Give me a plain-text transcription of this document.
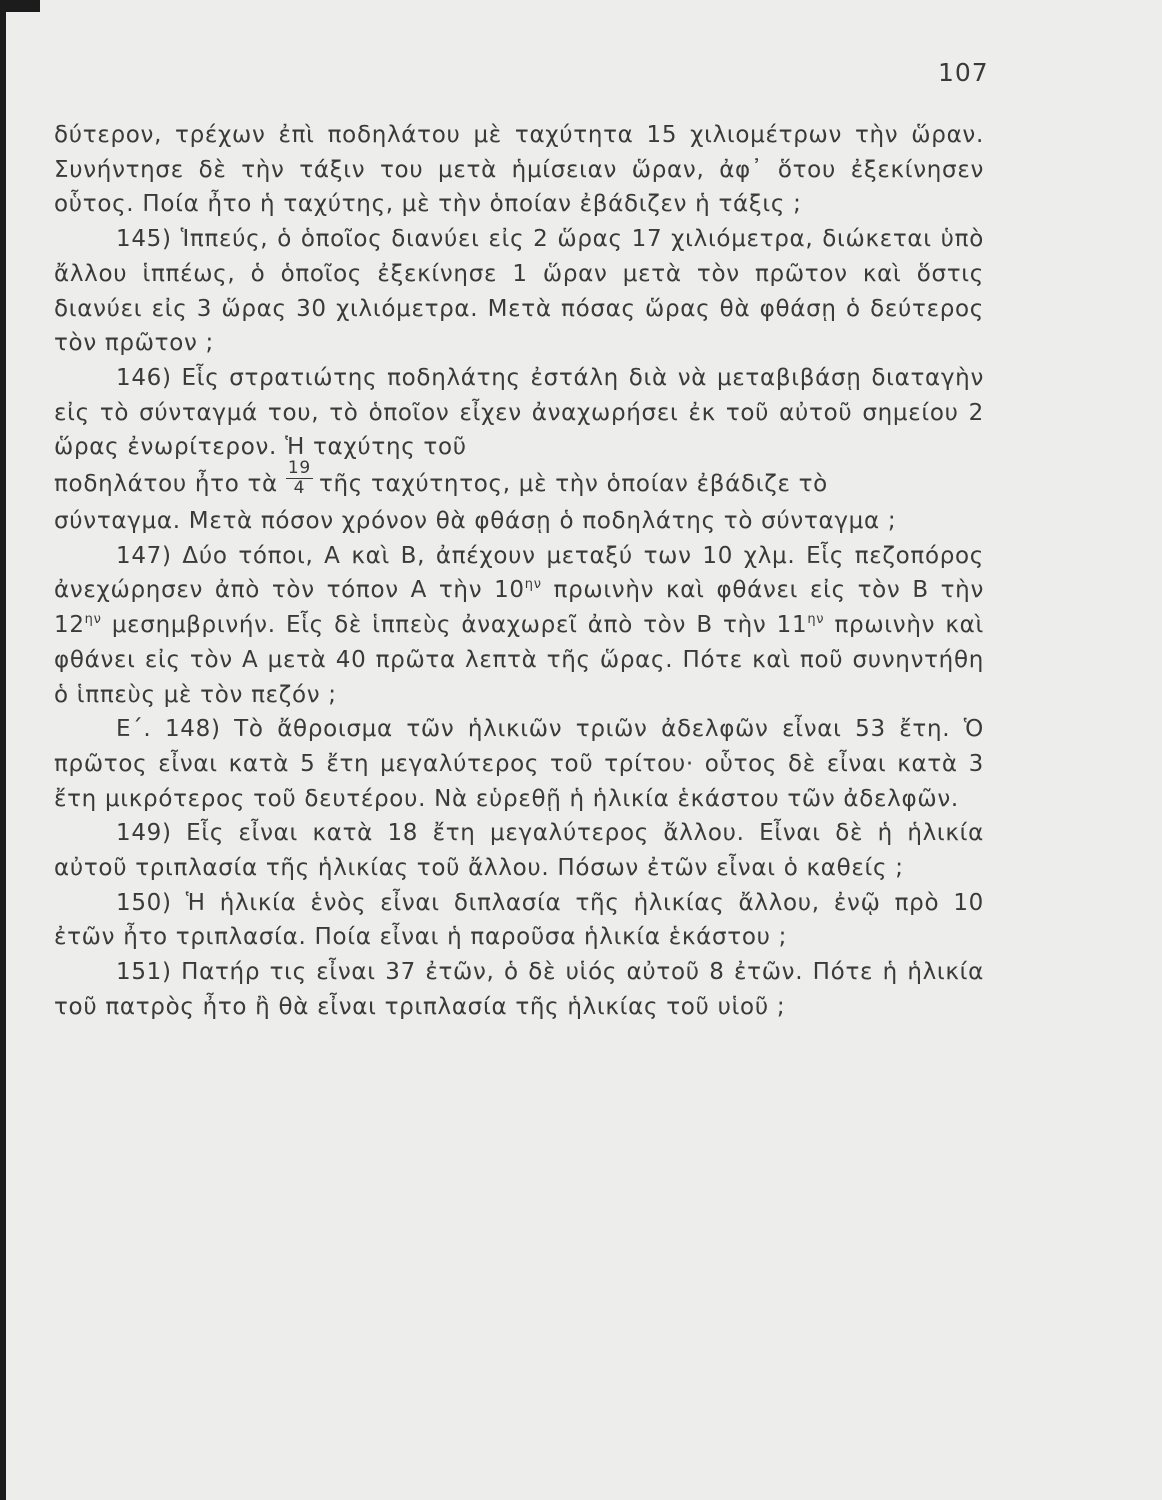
107

δύτερον, τρέχων ἐπὶ ποδηλάτου μὲ ταχύτητα 15 χιλιομέτρων τὴν ὥραν. Συνήντησε δὲ τὴν τάξιν του μετὰ ἡμίσειαν ὥραν, ἀφ᾿ ὅτου ἐξεκίνησεν οὗτος. Ποία ἦτο ἡ ταχύτης, μὲ τὴν ὁποίαν ἐβάδιζεν ἡ τάξις ;

145) Ἱππεύς, ὁ ὁποῖος διανύει εἰς 2 ὥρας 17 χιλιόμετρα, διώκεται ὑπὸ ἄλλου ἱππέως, ὁ ὁποῖος ἐξεκίνησε 1 ὥραν μετὰ τὸν πρῶτον καὶ ὅστις διανύει εἰς 3 ὥρας 30 χιλιόμετρα. Μετὰ πόσας ὥρας θὰ φθάσῃ ὁ δεύτερος τὸν πρῶτον ;

146) Εἷς στρατιώτης ποδηλάτης ἐστάλη διὰ νὰ μεταβιβάσῃ διαταγὴν εἰς τὸ σύνταγμά του, τὸ ὁποῖον εἶχεν ἀναχωρήσει ἐκ τοῦ αὐτοῦ σημείου 2 ὥρας ἐνωρίτερον. Ἡ ταχύτης τοῦ

ποδηλάτου ἦτο τὰ $\frac{19}{4}$ τῆς ταχύτητος, μὲ τὴν ὁποίαν ἐβάδιζε τὸ

σύνταγμα. Μετὰ πόσον χρόνον θὰ φθάσῃ ὁ ποδηλάτης τὸ σύνταγμα ;

147) Δύο τόποι, Α καὶ Β, ἀπέχουν μεταξύ των 10 χλμ. Εἷς πεζοπόρος ἀνεχώρησεν ἀπὸ τὸν τόπον Α τὴν $10^{\eta\nu}$ πρωινὴν καὶ φθάνει εἰς τὸν Β τὴν $12^{\eta\nu}$ μεσημβρινήν. Εἷς δὲ ἱππεὺς ἀναχωρεῖ ἀπὸ τὸν Β τὴν $11^{\eta\nu}$ πρωινὴν καὶ φθάνει εἰς τὸν Α μετὰ 40 πρῶτα λεπτὰ τῆς ὥρας. Πότε καὶ ποῦ συνηντήθη ὁ ἱππεὺς μὲ τὸν πεζόν ;

Ε΄. 148) Τὸ ἄθροισμα τῶν ἡλικιῶν τριῶν ἀδελφῶν εἶναι 53 ἔτη. Ὁ πρῶτος εἶναι κατὰ 5 ἔτη μεγαλύτερος τοῦ τρίτου· οὗτος δὲ εἶναι κατὰ 3 ἔτη μικρότερος τοῦ δευτέρου. Νὰ εὑρεθῇ ἡ ἡλικία ἑκάστου τῶν ἀδελφῶν.

149) Εἷς εἶναι κατὰ 18 ἔτη μεγαλύτερος ἄλλου. Εἶναι δὲ ἡ ἡλικία αὐτοῦ τριπλασία τῆς ἡλικίας τοῦ ἄλλου. Πόσων ἐτῶν εἶναι ὁ καθείς ;

150) Ἡ ἡλικία ἑνὸς εἶναι διπλασία τῆς ἡλικίας ἄλλου, ἐνῷ πρὸ 10 ἐτῶν ἦτο τριπλασία. Ποία εἶναι ἡ παροῦσα ἡλικία ἑκάστου ;

151) Πατήρ τις εἶναι 37 ἐτῶν, ὁ δὲ υἱός αὐτοῦ 8 ἐτῶν. Πότε ἡ ἡλικία τοῦ πατρὸς ἦτο ἢ θὰ εἶναι τριπλασία τῆς ἡλικίας τοῦ υἱοῦ ;
